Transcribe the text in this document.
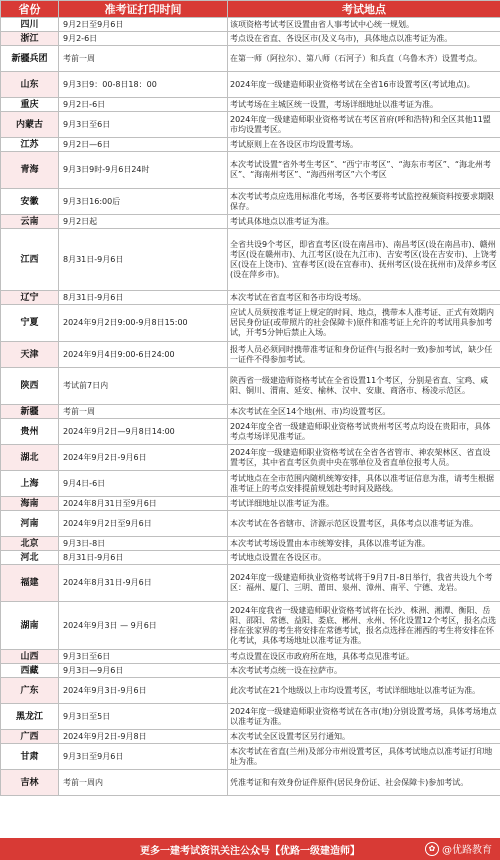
省份	准考证打印时间	考试地点
四川	9月2日至9月6日	该项资格考试考区设置由省人事考试中心统一规划。
浙江	9月2-6日	考点设在省直、各设区市(及义乌市)，具体地点以准考证为准。
新疆兵团	考前一周	在第一师（阿拉尔）、第八师（石河子）和兵直（乌鲁木齐）设置考点。
山东	9月3日9：00-8日18：00	2024年度一级建造师职业资格考试在全省16市设置考区(考试地点)。
重庆	9月2日-6日	考试考场在主城区统一设置，考场详细地址以准考证为准。
内蒙古	9月3日至6日	2024年度一级建造师职业资格考试在考区首府(呼和浩特)和全区其他11盟市均设置考区。
江苏	9月2日—6日	考试原则上在各设区市均设置考场。
青海	9月3日9时-9月6日24时	本次考试设置“省外考生考区”、“西宁市考区”、“海东市考区”、“海北州考区”、“海南州考区”、“海西州考区”六个考区
安徽	9月3日16:00后	本次考试考点应选用标准化考场，各考区要将考试监控视频资料按要求期限保存。
云南	9月2日起	考试具体地点以准考证为准。
江西	8月31日-9月6日	全省共设9个考区，即省直考区(设在南昌市)、南昌考区(设在南昌市)、赣州考区(设在赣州市)、九江考区(设在九江市)、吉安考区(设在吉安市)、上饶考区(设在上饶市)、宜春考区(设在宜春市)、抚州考区(设在抚州市)及萍乡考区(设在萍乡市)。
辽宁	8月31日-9月6日	本次考试在省直考区和各市均设考场。
宁夏	2024年9月2日9:00-9月8日15:00	应试人员须按准考证上规定的时间、地点，携带本人准考证、正式有效期内居民身份证(或带照片的社会保障卡)原件和准考证上允许的考试用具参加考试，开考5分钟后禁止入场。
天津	2024年9月4日9:00-6日24:00	报考人员必须同时携带准考证和身份证件(与报名时一致)参加考试，缺少任一证件不得参加考试。
陕西	考试前7日内	陕西省一级建造师资格考试在全省设置11个考区，分别是省直、宝鸡、咸阳、铜川、渭南、延安、榆林、汉中、安康、商洛市、杨凌示范区。
新疆	考前一周	本次考试在全区14个地(州、市)均设置考区。
贵州	2024年9月2日—9月8日14:00	2024年度全省一级建造师职业资格考试贵州考区考点均设在贵阳市，具体考点考场详见准考证。
湖北	2024年9月2日-9月6日	2024年度一级建造师职业资格考试在全省各省管市、神农架林区、省直设置考区，其中省直考区负责中央在鄂单位及省直单位报考人员。
上海	9月4日-6日	考试地点在全市范围内随机统筹安排，具体以准考证信息为准，请考生根据准考证上的考点安排提前规划赴考时间及路线。
海南	2024年8月31日至9月6日	考试详细地址以准考证为准。
河南	2024年9月2日至9月6日	本次考试在各省辖市、济源示范区设置考区，具体考点以准考证为准。
北京	9月3日-8日	本次考试考场设置由本市统筹安排，具体以准考证为准。
河北	8月31日-9月6日	考试地点设置在各设区市。
福建	2024年8月31日-9月6日	2024年度一级建造师执业资格考试将于9月7日-8日举行，我省共设九个考区：福州、厦门、三明、莆田、泉州、漳州、南平、宁德、龙岩。
湖南	2024年9月3日 — 9月6日	2024年度我省一级建造师职业资格考试将在长沙、株洲、湘潭、衡阳、岳阳、邵阳、常德、益阳、娄底、郴州、永州、怀化设置12个考区，报名点选择在张家界的考生将安排在常德考试，报名点选择在湘西的考生将安排在怀化考试，具体考场地址以准考证为准。
山西	9月3日至6日	考点设置在设区市政府所在地，具体考点见准考证。
西藏	9月3日—9月6日	本次考试考点统一设在拉萨市。
广东	2024年9月3日-9月6日	此次考试在21个地级以上市均设置考区，考试详细地址以准考证为准。
黑龙江	9月3日至5日	2024年度一级建造师职业资格考试在各市(地)分别设置考场，具体考场地点以准考证为准。
广西	2024年9月2日-9月8日	本次考试全区设置考区另行通知。
甘肃	9月3日至9月6日	本次考试在省直(兰州)及部分市州设置考区，具体考试地点以准考证打印地址为准。
吉林	考前一周内	凭准考证和有效身份证件原件(居民身份证、社会保障卡)参加考试。
更多一建考试资讯关注公众号【优路一级建造师】	✿ @优路教育
